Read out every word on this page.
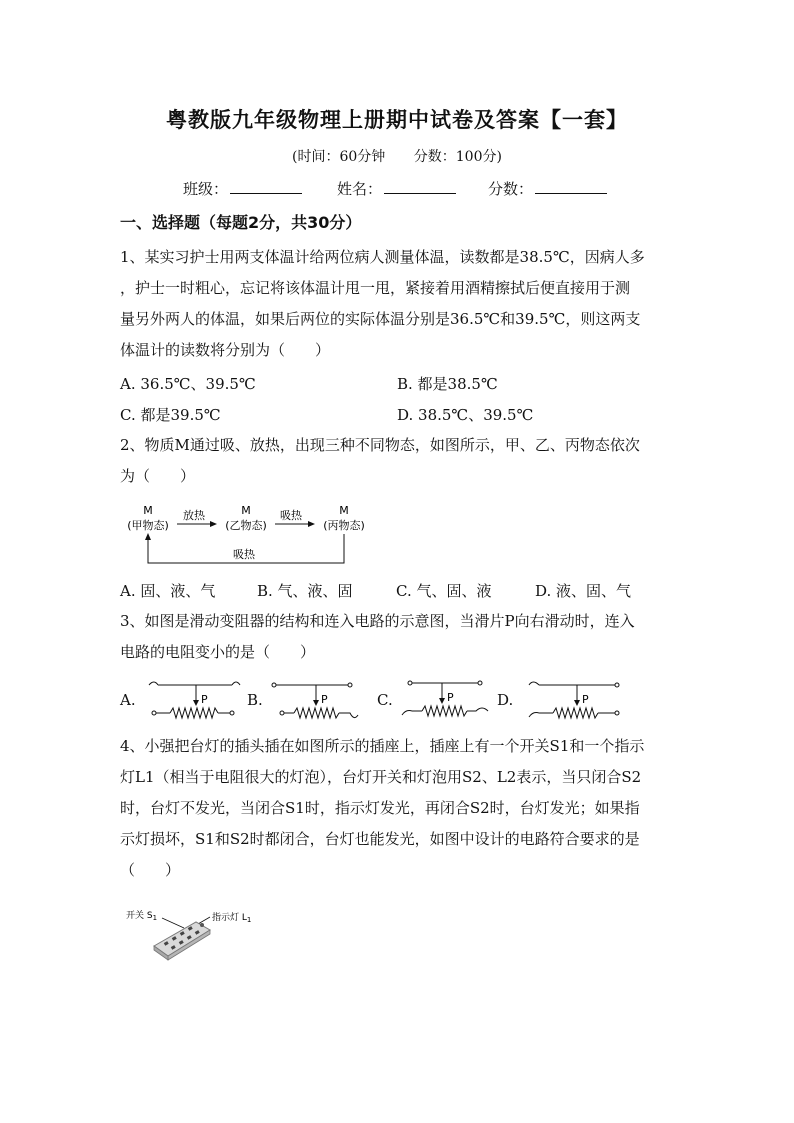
粤教版九年级物理上册期中试卷及答案【一套】
(时间：60分钟 分数：100分)
班级：	姓名：	分数：
一、选择题（每题2分，共30分）
1、某实习护士用两支体温计给两位病人测量体温，读数都是38.5℃，因病人多
，护士一时粗心，忘记将该体温计甩一甩，紧接着用酒精擦拭后便直接用于测
量另外两人的体温，如果后两位的实际体温分别是36.5℃和39.5℃，则这两支
体温计的读数将分别为（　　）
A. 36.5℃、39.5℃	B. 都是38.5℃
C. 都是39.5℃	D. 38.5℃、39.5℃
2、物质M通过吸、放热，出现三种不同物态，如图所示，甲、乙、丙物态依次
为（　　）
M
(甲物态)
M
(乙物态)
M
(丙物态)
放热	吸热
吸热
A. 固、液、气	B. 气、液、固	C. 气、固、液	D. 液、固、气
3、如图是滑动变阻器的结构和连入电路的示意图，当滑片P向右滑动时，连入
电路的电阻变小的是（　　）
A.	B.	C.	D.
P	P	P	P
4、小强把台灯的插头插在如图所示的插座上，插座上有一个开关S1和一个指示
灯L1（相当于电阻很大的灯泡），台灯开关和灯泡用S2、L2表示，当只闭合S2
时，台灯不发光，当闭合S1时，指示灯发光，再闭合S2时，台灯发光；如果指
示灯损坏，S1和S2时都闭合，台灯也能发光，如图中设计的电路符合要求的是
（　　）
开关 $S_1$	指示灯 $L_1$
